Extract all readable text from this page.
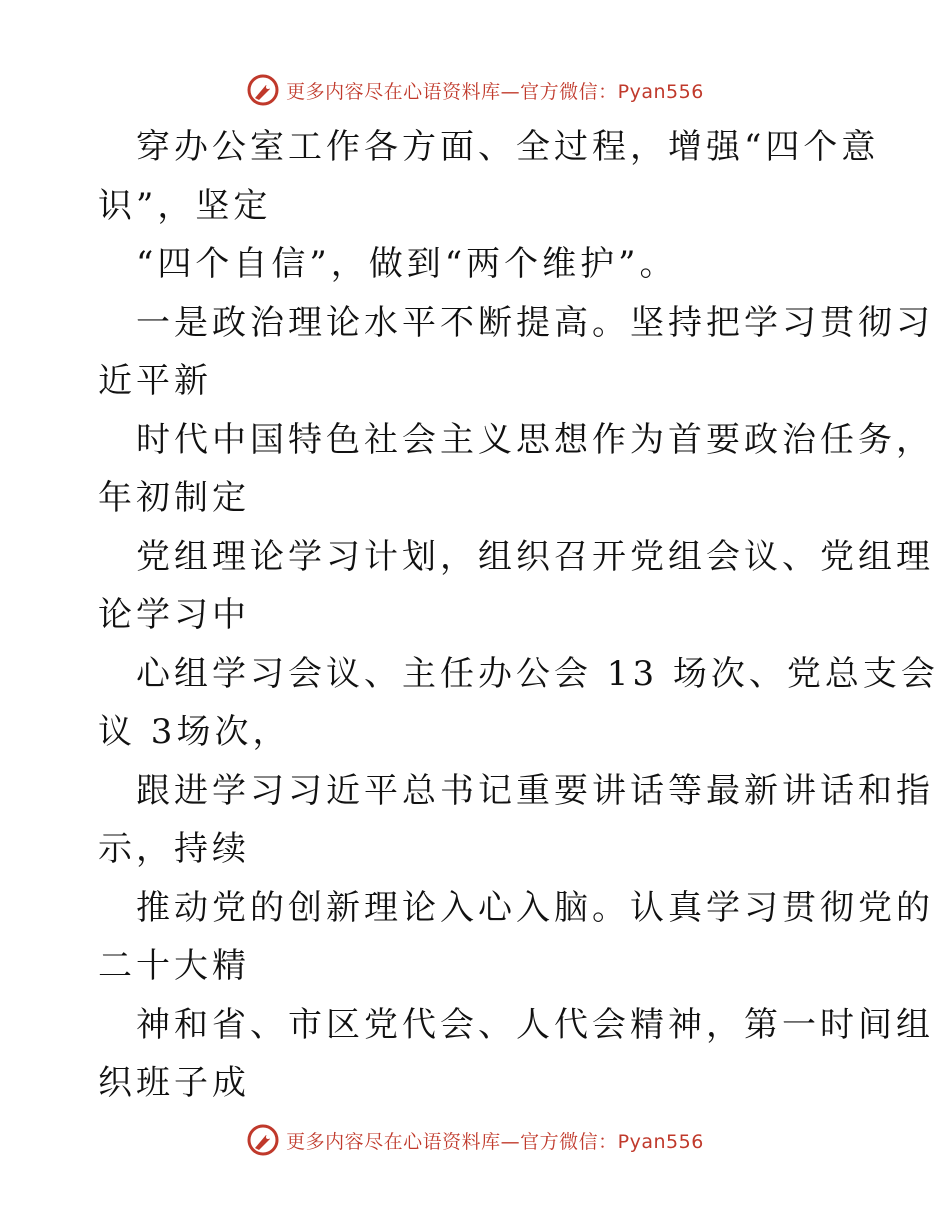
更多内容尽在心语资料库—官方微信：Pyan556
穿办公室工作各方面、全过程，增强“四个意
识”，坚定
“四个自信”，做到“两个维护”。
一是政治理论水平不断提高。坚持把学习贯彻习
近平新
时代中国特色社会主义思想作为首要政治任务，
年初制定
党组理论学习计划，组织召开党组会议、党组理
论学习中
心组学习会议、主任办公会 13 场次、党总支会
议 3场次，
跟进学习习近平总书记重要讲话等最新讲话和指
示，持续
推动党的创新理论入心入脑。认真学习贯彻党的
二十大精
神和省、市区党代会、人代会精神，第一时间组
织班子成
更多内容尽在心语资料库—官方微信：Pyan556
